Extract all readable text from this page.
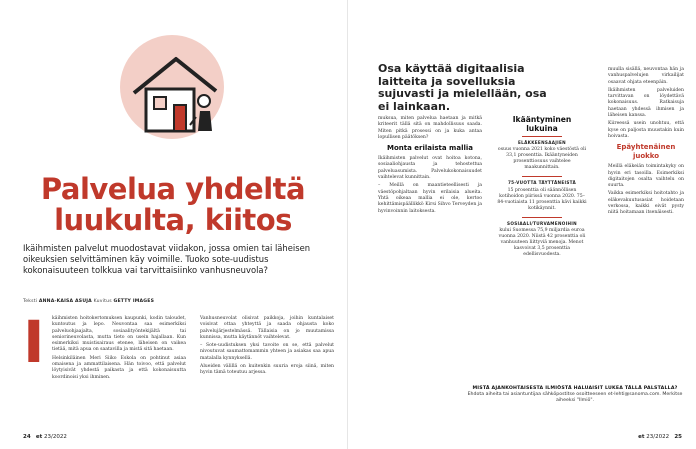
Palvelua yhdeltä luukulta, kiitos

Ikäihmisten palvelut muodostavat viidakon, jossa omien tai läheisen oikeuksien selvittäminen käy voimille. Tuoko sote-uudistus kokonaisuuteen tolkkua vai tarvittaisiinko vanhusneuvola?

Teksti ANNA-KAISA ASUJA Kuvitus GETTY IMAGES
I käihmisten hoitokertomuksen kaupunki, kodin taloudet, kuntoutus ja lepo. Neuvontaa saa esimerkiksi palveluohjaajalta, sosiaalityöntekijältä tai seniorineuvolasta, mutta tieto on usein hajallaan. Kun esimerkiksi muistisairaus etenee, läheisen on vaikea tietää, mitä apua on saatavilla ja mistä sitä haetaan.

Helsinkiläinen Meri Siiko Eskola on pohtinut asiaa omaisena ja ammattilaisena. Hän toivoo, että palvelut löytyisivät yhdestä paikasta ja että kokonaisuutta koordinoisi yksi ihminen.

Vanhusneuvolat olisivat paikkoja, joihin kuntalaiset voisivat ottaa yhteyttä ja saada ohjausta koko palvelujärjestelmässä. Tällaisia on jo muutamissa kunnissa, mutta käytännöt vaihtelevat.

– Sote-uudistuksen yksi tavoite on se, että palvelut nivoutuvat saumattomammin yhteen ja asiakas saa apua matalalla kynnyksellä.

Alueiden välillä on kuitenkin suuria eroja siinä, miten hyvin tämä toteutuu arjessa.

24 et 23/2022
Osa käyttää digitaalisia laitteita ja sovelluksia sujuvasti ja mielellään, osa ei lainkaan.

muksua, miten palvelua haetaan ja mitkä kriteerit tällä sitä on mahdollisuus saada. Miten pitkä prosessi on ja kuka antaa lopullisen päätöksen?

Monta erilaista mallia

Ikäihmisten palvelut ovat hoitoa kotona, sosiaaliohjausta ja tehostettua palveluasumista. Palvelukokonaisuudet vaihtelevat kunnittain.

– Meillä on maantieteellisesti ja väestöpohjaltaan hyvin erilaisia alueita. Yhtä oikeaa mallia ei ole, kertoo kehittämispäällikkö Kirsi Sihvo Terveyden ja hyvinvoinnin laitoksesta.

Ikääntyminen lukuina
ELÄKKEENSAAJIEN
osuus vuonna 2021 koko väestöstä oli 33,1 prosenttia. Ikääntyneiden prosenttiosuus vaihtelee maakunnittain.
75-VUOTTA TÄYTTÄNEISTÄ
15 prosenttia oli säännöllisen kotihoidon piirissä vuonna 2020. 75–84-vuotiaista 11 prosenttia kävi kaikki kotikäynnit.
SOSIAALI/TURVAMENOIHIN
kului Suomessa 75,9 miljardia euroa vuonna 2020. Niistä 42 prosenttia oli vanhuuteen liittyviä menoja. Menot kasvoivat 3,5 prosenttia edellisvuodesta.

muulla sisällä, neuvontaa hän ja vanhuspalvelujen virkailijat osaavat ohjata eteenpäin.

Ikäihmisten palveluiden tarvittavan on löydettävä kokonaisuus. Ratkaisuja haetaan yhdessä ihmisen ja läheisen kanssa.

Kiireessä usein unohtuu, että kyse on paljosta muustakin kuin hoivasta.

Epäyhtenäinen juokko

Meillä eläkeiän toimintakyky on hyvin eri tasoilla. Esimerkiksi digitaitojen osalta vaihtelu on suurta.

Vaikka esimerkiksi hoitotahto ja eläkevakuutusasiat hoidetaan verkossa, kaikki eivät pysty niitä hoitamaan itsenäisesti.

MISTÄ AJANKOHTAISESTA ILMIÖSTÄ HALUAISIT LUKEA TÄLLÄ PALSTALLA?
Ehdota aiheita tai asiantuntijaa sähköpostitse osoitteeseen et-lehti@sanoma.com. Merkitse aiheeksi "Ilmiö".
et 23/2022 25
